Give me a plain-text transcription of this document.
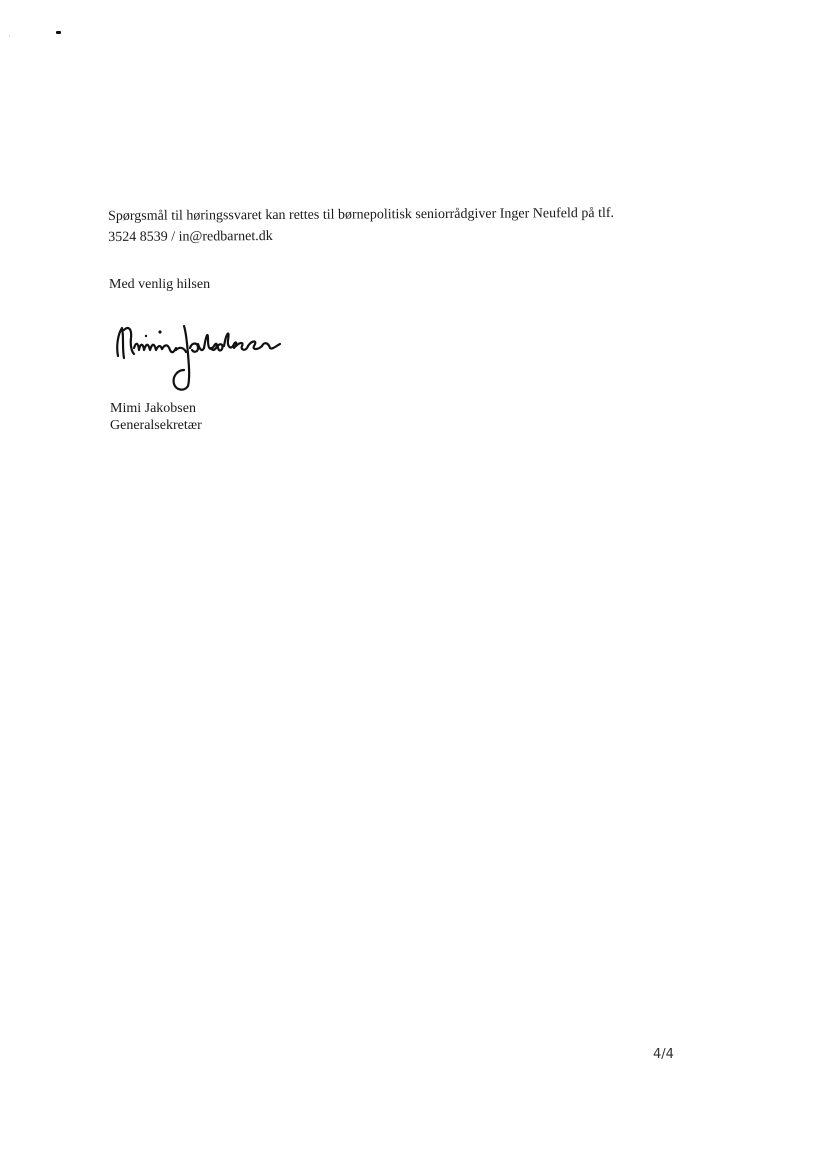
Spørgsmål til høringssvaret kan rettes til børnepolitisk seniorrådgiver Inger Neufeld på tlf.

3524 8539 / in@redbarnet.dk

Med venlig hilsen

Mimi Jakobsen
Generalsekretær
4/4
